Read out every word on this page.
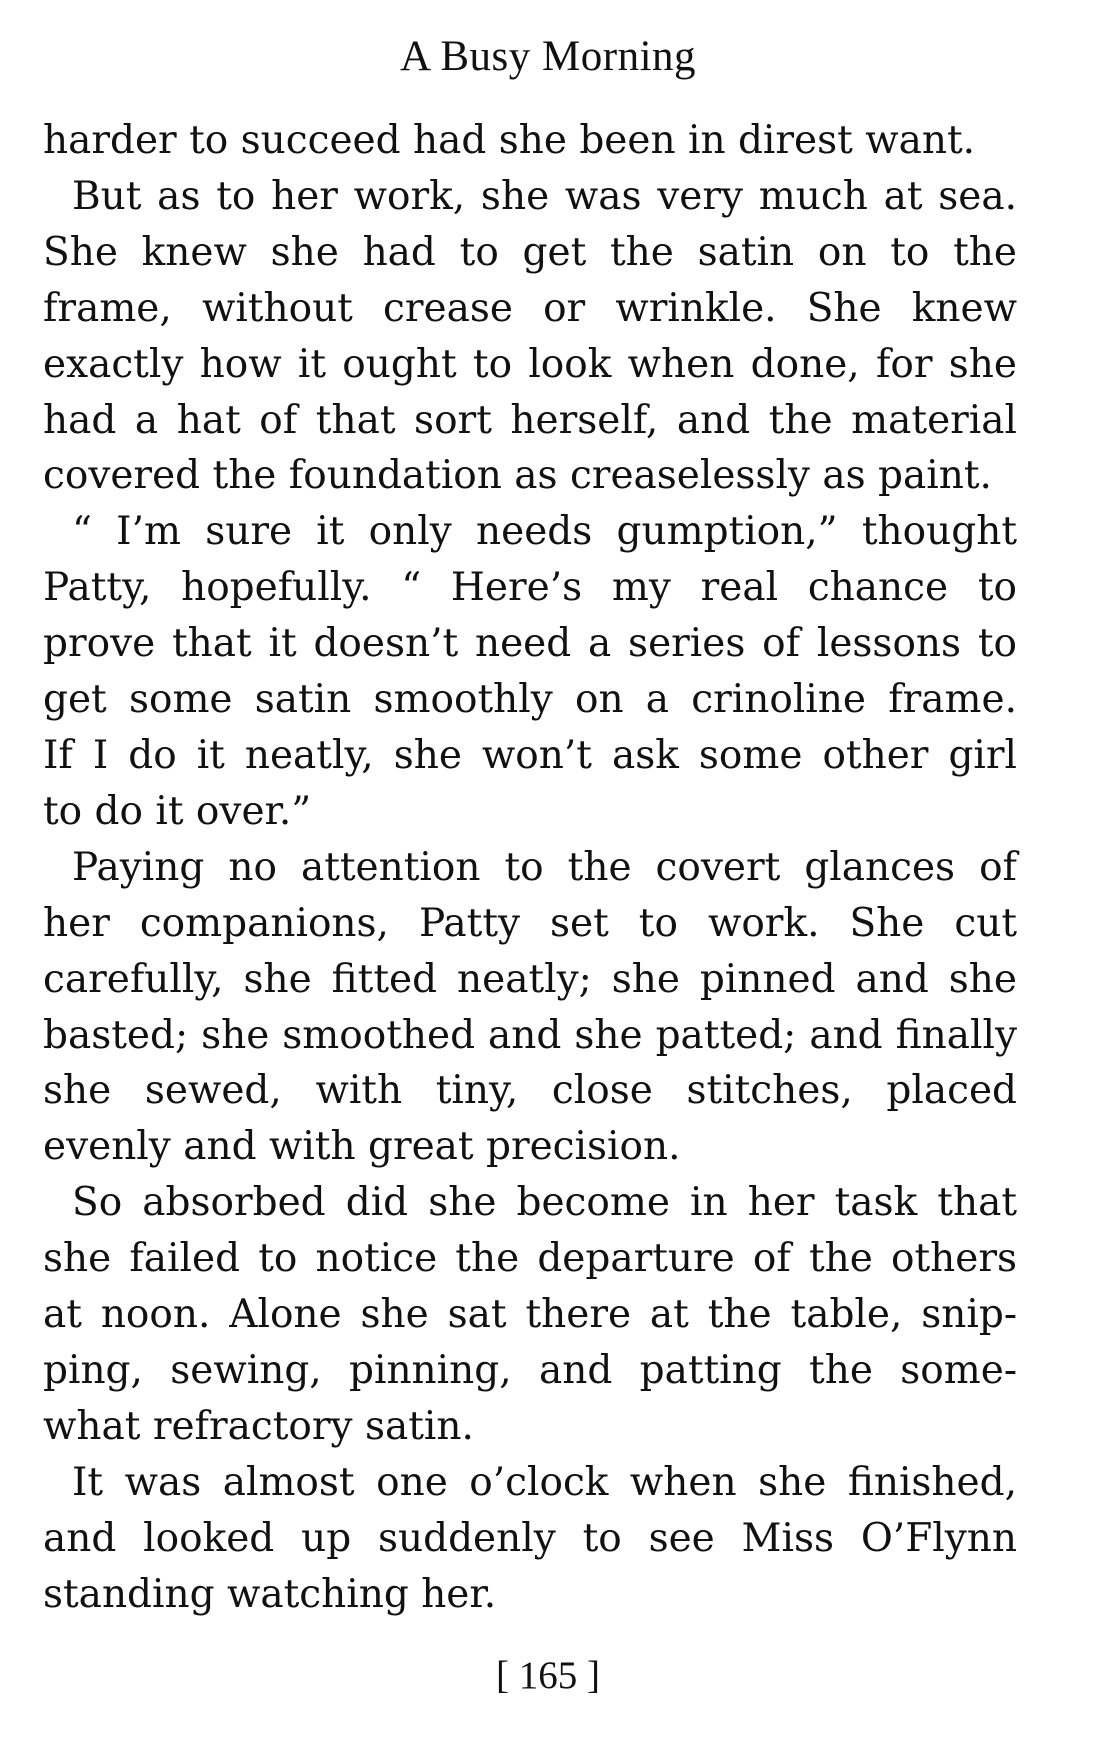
A Busy Morning
harder to succeed had she been in direst want.
But as to her work, she was very much at sea.
She knew she had to get the satin on to the
frame, without crease or wrinkle. She knew
exactly how it ought to look when done, for she
had a hat of that sort herself, and the material
covered the foundation as creaselessly as paint.
“ I’m sure it only needs gumption,” thought
Patty, hopefully. “ Here’s my real chance to
prove that it doesn’t need a series of lessons to
get some satin smoothly on a crinoline frame.
If I do it neatly, she won’t ask some other girl
to do it over.”
Paying no attention to the covert glances of
her companions, Patty set to work. She cut
carefully, she fitted neatly; she pinned and she
basted; she smoothed and she patted; and finally
she sewed, with tiny, close stitches, placed
evenly and with great precision.
So absorbed did she become in her task that
she failed to notice the departure of the others
at noon. Alone she sat there at the table, snip-
ping, sewing, pinning, and patting the some-
what refractory satin.
It was almost one o’clock when she finished,
and looked up suddenly to see Miss O’Flynn
standing watching her.
[ 165 ]
